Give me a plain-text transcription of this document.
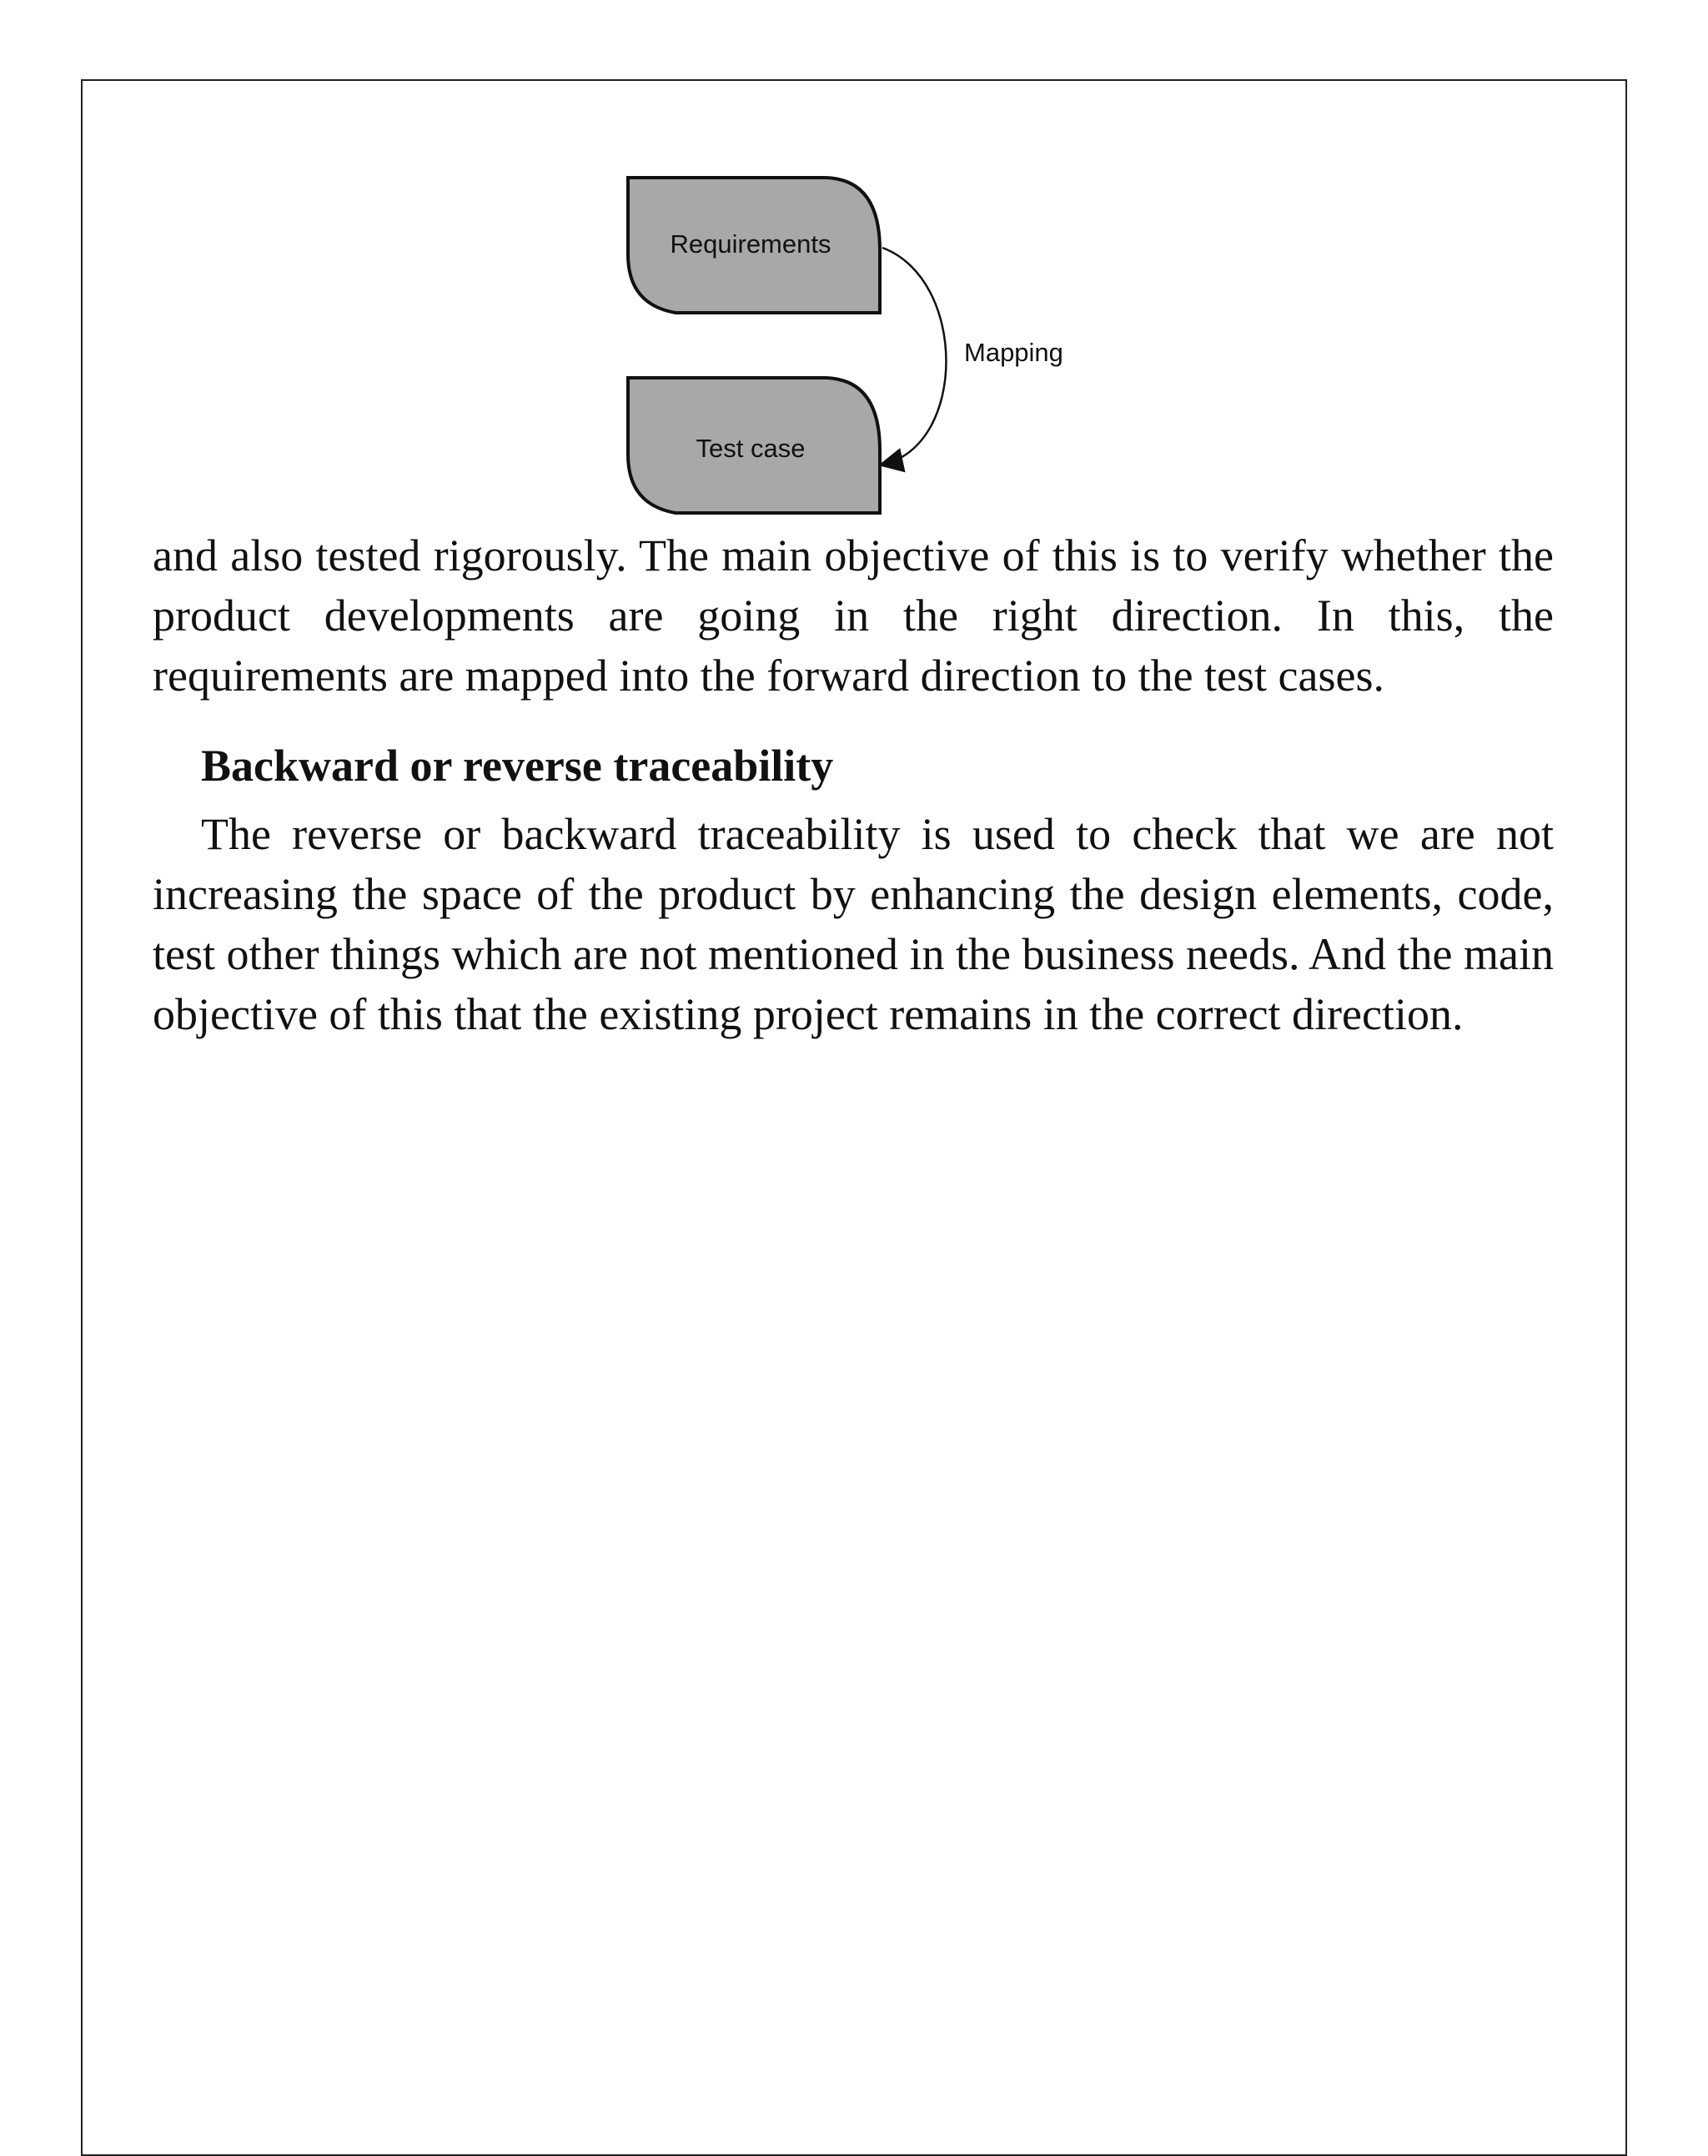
Requirements
Test case
Mapping
and also tested rigorously. The main objective of this is to verify whether the product developments are going in the right direction. In this, the requirements are mapped into the forward direction to the test cases.
Backward or reverse traceability
The reverse or backward traceability is used to check that we are not increasing the space of the product by enhancing the design elements, code, test other things which are not mentioned in the business needs. And the main objective of this that the existing project remains in the correct direction.
